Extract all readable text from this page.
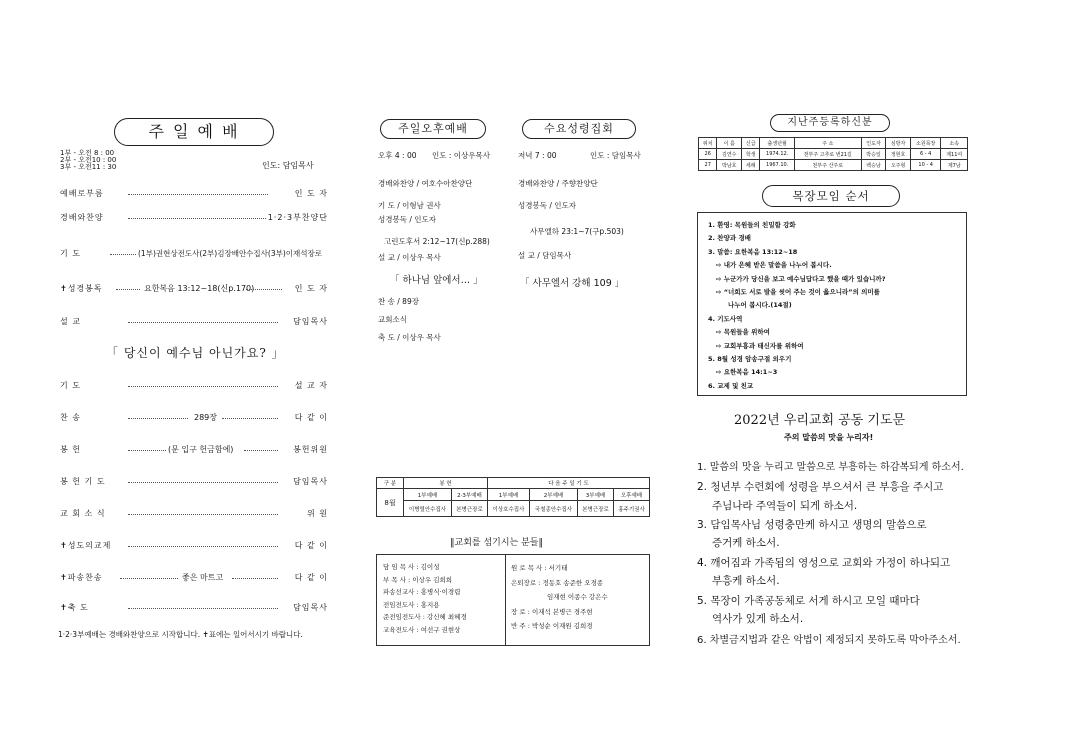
주 일 예 배
1부 - 오전 8 : 00
2부 - 오전10 : 00
3부 - 오전11 : 30	인도: 담임목사
예배로부름	인 도 자
경배와찬양	1·2·3부찬양단
기 도	(1부)권현상전도사(2부)김장배안수집사(3부)이재석장로
✝성경봉독	요한복음 13:12~18(신p.170)	인 도 자
설 교	담임목사
「 당신이 예수님 아닌가요? 」
기 도	설 교 자
찬 송	289장	다 같 이
봉 헌	(문 입구 헌금함에)	봉헌위원
봉 헌 기 도	담임목사
교 회 소 식	위 원
✝성도의교제	다 같 이
✝파송찬송	좋은 마트고	다 같 이
✝축 도	담임목사
1·2·3부예배는 경배와찬양으로 시작합니다. ✝표에는 일어서시기 바랍니다.
주일오후예배	수요성령집회
오후 4 : 00 인도 : 이상우목사	저녁 7 : 00	인도 : 담임목사
경배와찬양 / 여호수아찬양단
기 도 / 이형남 권사
성경봉독 / 인도자
고린도후서 2:12~17(신p.288)
설 교 / 이상우 목사
「 하나님 앞에서… 」
찬 송 / 89장
교회소식
축 도 / 이상우 목사
경배와찬양 / 주향찬양단
성경봉독 / 인도자
사무엘하 23:1~7(구p.503)
설 교 / 담임목사
「 사무엘서 강해 109 」
구 분	봉 헌		다 음 주 일 기 도			
8월	1부예배	2·3부예배	1부예배	2부예배	3부예배	오후예배
	이병렬안수집사	본병근장로	이상호수집사	국철종안수집사	본병근장로	홍주기권사
‖교회를 섬기시는 분들‖
담 임 목 사 : 김이성
부 목 사 : 이상우 김희희
파송선교사 : 홍병식·이경렵
전임전도사 : 홍지용
준전임전도사 : 강신혜 최혜경
교육전도사 : 여선구 권현상
원 로 목 사 : 서기태
은퇴장로 : 정동호 송준한 오경종
임재현 이종수 강은수
장 로 : 이재석 본병근 경주현
반 주 : 박성순 이재원 김희경
지난주등록하신분
위치	이 름	신급	출생년월	주 소	인도자	심방자	소원목장	소속
26	김연수	학생	1974.12.	천부주 고추로 번21길	박승일	정현호	6 - 4	제11여
27	박남호	세례	1967.10.	천부주 산주로	백승남	오주형	10 - 4	제7남
목장모임 순서
1. 환영: 목원들의 친밀함 강화
2. 찬양과 경배
3. 말씀: 요한복음 13:12~18
⇨ 내가 은혜 받은 말씀을 나누어 봅시다.
⇨ 누군가가 당신을 보고 예수님답다고 했을 때가 있습니까?
⇨ “너희도 서로 발을 씻어 주는 것이 옳으니라”의 의미를
나누어 봅시다.(14절)
4. 기도사역
⇨ 목원들을 위하여
⇨ 교회부흥과 태신자를 위하여
5. 8월 성경 암송구절 외우기
⇨ 요한복음 14:1~3
6. 교제 및 친교
2022년 우리교회 공동 기도문
주의 말씀의 맛을 누리자!
1. 말씀의 맛을 누리고 말씀으로 부흥하는 하감복되게 하소서.
2. 청년부 수련회에 성령을 부으셔서 큰 부흥을 주시고
주님나라 주역들이 되게 하소서.
3. 담임목사님 성령충만케 하시고 생명의 말씀으로
증거케 하소서.
4. 깨어짐과 가족됨의 영성으로 교회와 가정이 하나되고
부흥케 하소서.
5. 목장이 가족공동체로 서게 하시고 모일 때마다
역사가 있게 하소서.
6. 차별금지법과 같은 악법이 제정되지 못하도록 막아주소서.
